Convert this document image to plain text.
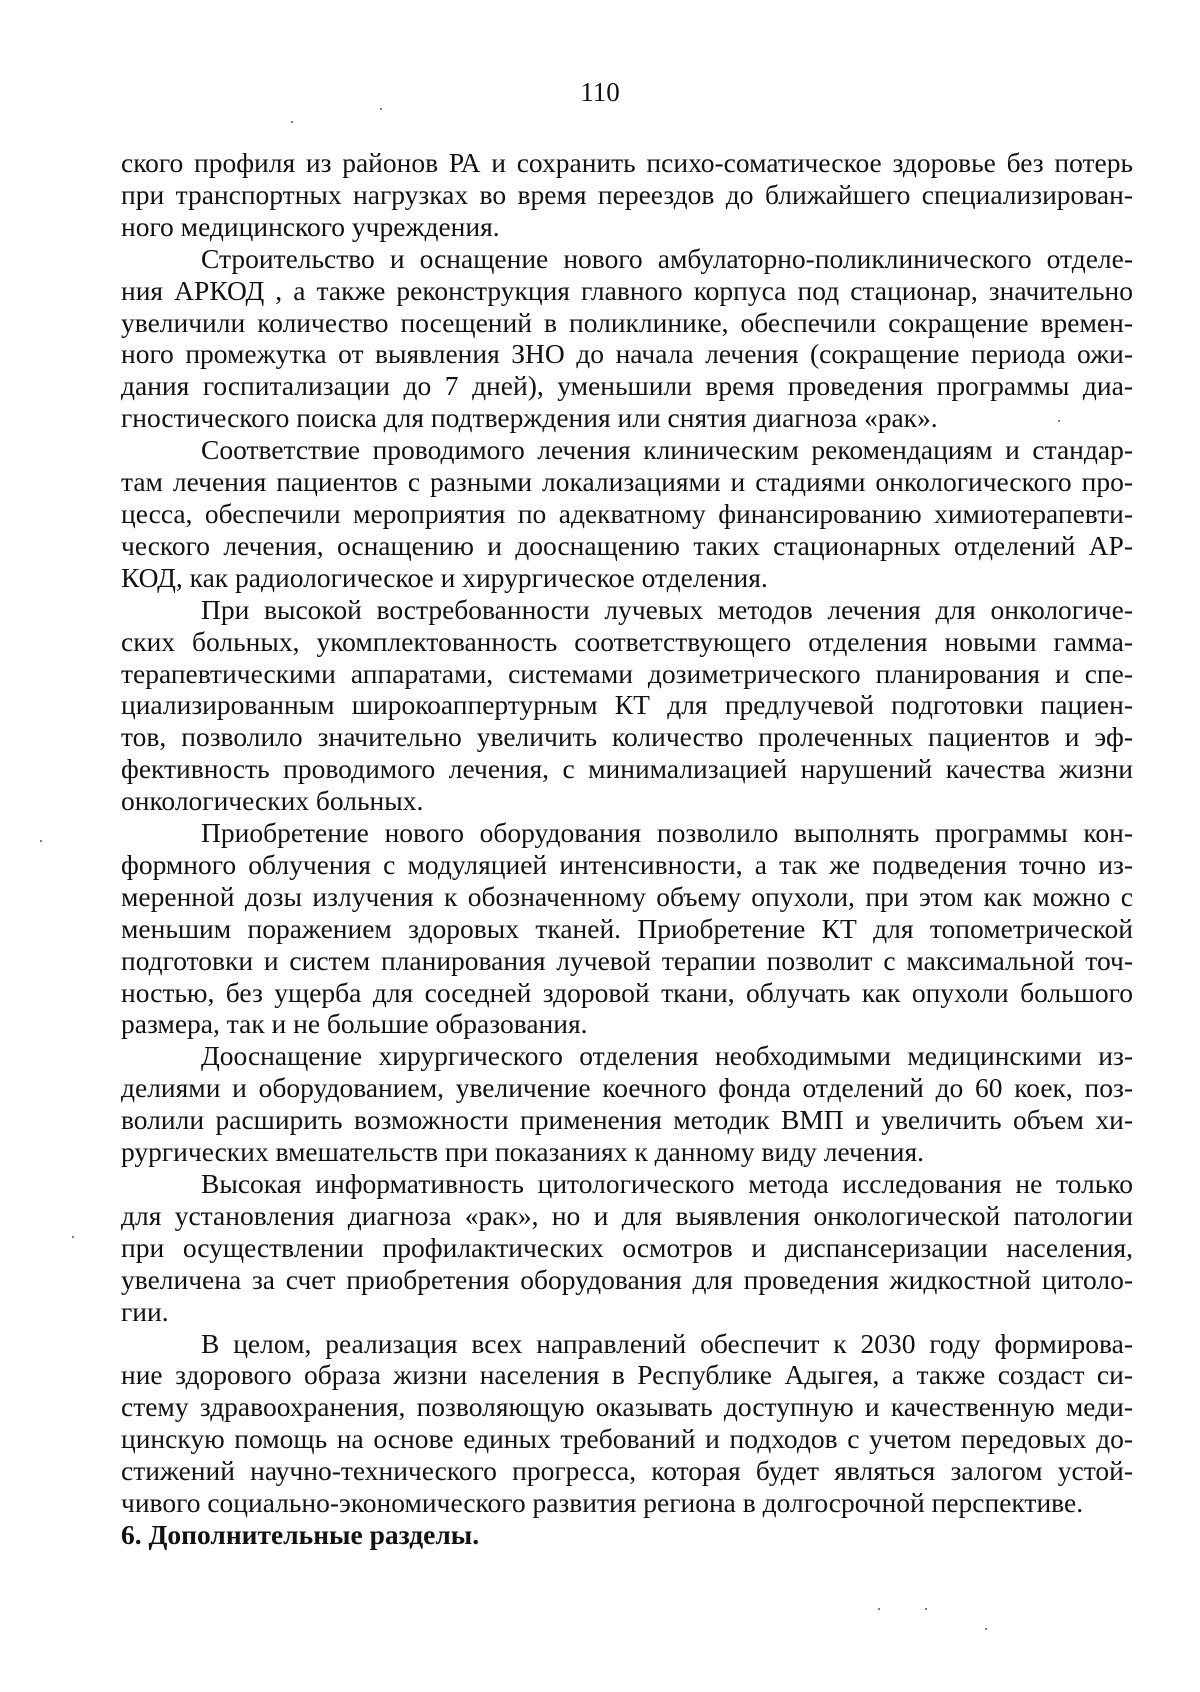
110

ского профиля из районов РА и сохранить психо-соматическое здоровье без потерь
при транспортных нагрузках во время переездов до ближайшего специализирован-
ного медицинского учреждения.

Строительство и оснащение нового амбулаторно-поликлинического отделе-
ния АРКОД , а также реконструкция главного корпуса под стационар, значительно
увеличили количество посещений в поликлинике, обеспечили сокращение времен-
ного промежутка от выявления ЗНО до начала лечения (сокращение периода ожи-
дания госпитализации до 7 дней), уменьшили время проведения программы диа-
гностического поиска для подтверждения или снятия диагноза «рак».

Соответствие проводимого лечения клиническим рекомендациям и стандар-
там лечения пациентов с разными локализациями и стадиями онкологического про-
цесса, обеспечили мероприятия по адекватному финансированию химиотерапевти-
ческого лечения, оснащению и дооснащению таких стационарных отделений АР-
КОД, как радиологическое и хирургическое отделения.

При высокой востребованности лучевых методов лечения для онкологиче-
ских больных, укомплектованность соответствующего отделения новыми гамма-
терапевтическими аппаратами, системами дозиметрического планирования и спе-
циализированным широкоаппертурным КТ для предлучевой подготовки пациен-
тов, позволило значительно увеличить количество пролеченных пациентов и эф-
фективность проводимого лечения, с минимализацией нарушений качества жизни
онкологических больных.

Приобретение нового оборудования позволило выполнять программы кон-
формного облучения с модуляцией интенсивности, а так же подведения точно из-
меренной дозы излучения к обозначенному объему опухоли, при этом как можно с
меньшим поражением здоровых тканей. Приобретение КТ для топометрической
подготовки и систем планирования лучевой терапии позволит с максимальной точ-
ностью, без ущерба для соседней здоровой ткани, облучать как опухоли большого
размера, так и не большие образования.

Дооснащение хирургического отделения необходимыми медицинскими из-
делиями и оборудованием, увеличение коечного фонда отделений до 60 коек, поз-
волили расширить возможности применения методик ВМП и увеличить объем хи-
рургических вмешательств при показаниях к данному виду лечения.

Высокая информативность цитологического метода исследования не только
для установления диагноза «рак», но и для выявления онкологической патологии
при осуществлении профилактических осмотров и диспансеризации населения,
увеличена за счет приобретения оборудования для проведения жидкостной цитоло-
гии.

В целом, реализация всех направлений обеспечит к 2030 году формирова-
ние здорового образа жизни населения в Республике Адыгея, а также создаст си-
стему здравоохранения, позволяющую оказывать доступную и качественную меди-
цинскую помощь на основе единых требований и подходов с учетом передовых до-
стижений научно-технического прогресса, которая будет являться залогом устой-
чивого социально-экономического развития региона в долгосрочной перспективе.

6. Дополнительные разделы.
